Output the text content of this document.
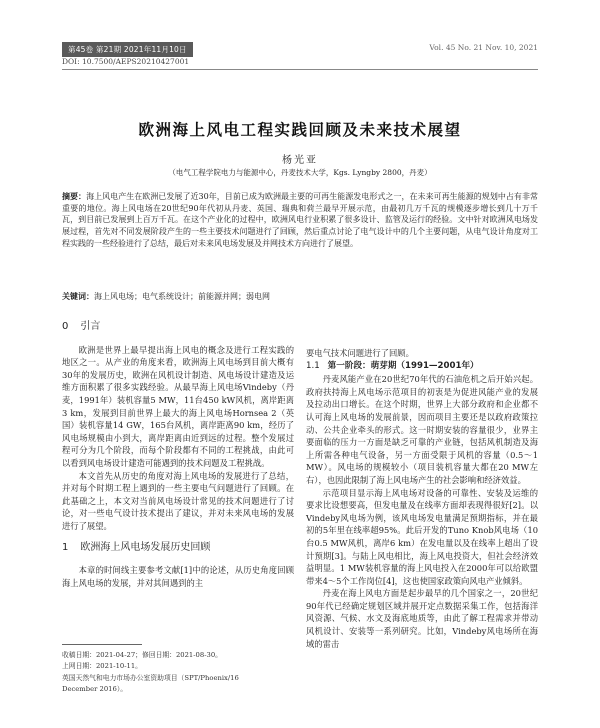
第45卷 第21期 2021年11月10日	Vol. 45 No. 21 Nov. 10, 2021
DOI: 10.7500/AEPS20210427001
欧洲海上风电工程实践回顾及未来技术展望
杨光亚
（电气工程学院电力与能源中心，丹麦技术大学，Kgs. Lyngby 2800，丹麦）
摘要：海上风电产生在欧洲已发展了近30年，目前已成为欧洲最主要的可再生能源发电形式之一，在未来可再生能源的规划中占有非常重要的地位。海上风电场在20世纪90年代初从丹麦、英国、瑞典和荷兰最早开展示范，由最初几万千瓦的规模逐步增长到几十万千瓦，到目前已发展到上百万千瓦。在这个产业化的过程中，欧洲风电行业积累了很多设计、监管及运行的经验。文中针对欧洲风电场发展过程，首先对不同发展阶段产生的一些主要技术问题进行了回顾，然后重点讨论了电气设计中的几个主要问题，从电气设计角度对工程实践的一些经验进行了总结，最后对未来风电场发展及并网技术方向进行了展望。
关键词：海上风电场；电气系统设计；前能源并网；弱电网
0 引言

欧洲是世界上最早提出海上风电的概念及进行工程实践的地区之一。从产业的角度来看，欧洲海上风电场到目前大概有30年的发展历史，欧洲在风机设计制造、风电场设计建造及运维方面积累了很多实践经验。从最早海上风电场Vindeby（丹麦，1991年）装机容量5 MW，11台450 kW风机，离岸距离3 km，发展到目前世界上最大的海上风电场Hornsea 2（英国）装机容量14 GW，165台风机，离岸距离90 km，经历了风电场规模由小到大，离岸距离由近到远的过程。整个发展过程可分为几个阶段，而每个阶段都有不同的工程挑战，由此可以看到风电场设计建造可能遇到的技术问题及工程挑战。

本文首先从历史的角度对海上风电场的发展进行了总结，并对每个时期工程上遇到的一些主要电气问题进行了回顾。在此基础之上，本文对当前风电场设计常见的技术问题进行了讨论，对一些电气设计技术提出了建议，并对未来风电场的发展进行了展望。

1 欧洲海上风电场发展历史回顾

本章的时间线主要参考文献[1]中的论述，从历史角度回顾海上风电场的发展，并对其间遇到的主

要电气技术问题进行了回顾。

1.1 第一阶段：萌芽期（1991—2001年）

丹麦风能产业在20世纪70年代的石油危机之后开始兴起。政府扶持海上风电场示范项目的初衷是为促进风能产业的发展及拉动出口增长。在这个时期，世界上大部分政府和企业都不认可海上风电场的发展前景，因而项目主要还是以政府政策拉动、公共企业牵头的形式。这一时期安装的容量很少，业界主要面临的压力一方面是缺乏可靠的产业链，包括风机制造及海上所需各种电气设备，另一方面受限于风机的容量（0.5～1 MW）。风电场的规模较小（项目装机容量大都在20 MW左右），也因此限制了海上风电场产生的社会影响和经济效益。

示范项目显示海上风电场对设备的可靠性、安装及运维的要求比设想要高，但发电量及在线率方面却表现得很好[2]。以Vindeby风电场为例，该风电场发电量满足预期指标，并在最初的5年里在线率超95%。此后开发的Tuno Knob风电场（10台0.5 MW风机，离岸6 km）在发电量以及在线率上超出了设计预期[3]。与陆上风电相比，海上风电投资大，但社会经济效益明显。1 MW装机容量的海上风电投入在2000年可以给欧盟带来4～5个工作岗位[4]，这也使国家政策向风电产业倾斜。

丹麦在海上风电方面是起步最早的几个国家之一，20世纪90年代已经确定规划区域并展开定点数据采集工作，包括海洋风资源、气候、水文及海底地质等，由此了解工程需求并带动风机设计、安装等一系列研究。比如，Vindeby风电场所在海域的雷击

收稿日期：2021-04-27；修回日期：2021-08-30。
上网日期：2021-10-11。
英国天然气和电力市场办公室资助项目（SPT/Phoenix/16
December 2016）。
